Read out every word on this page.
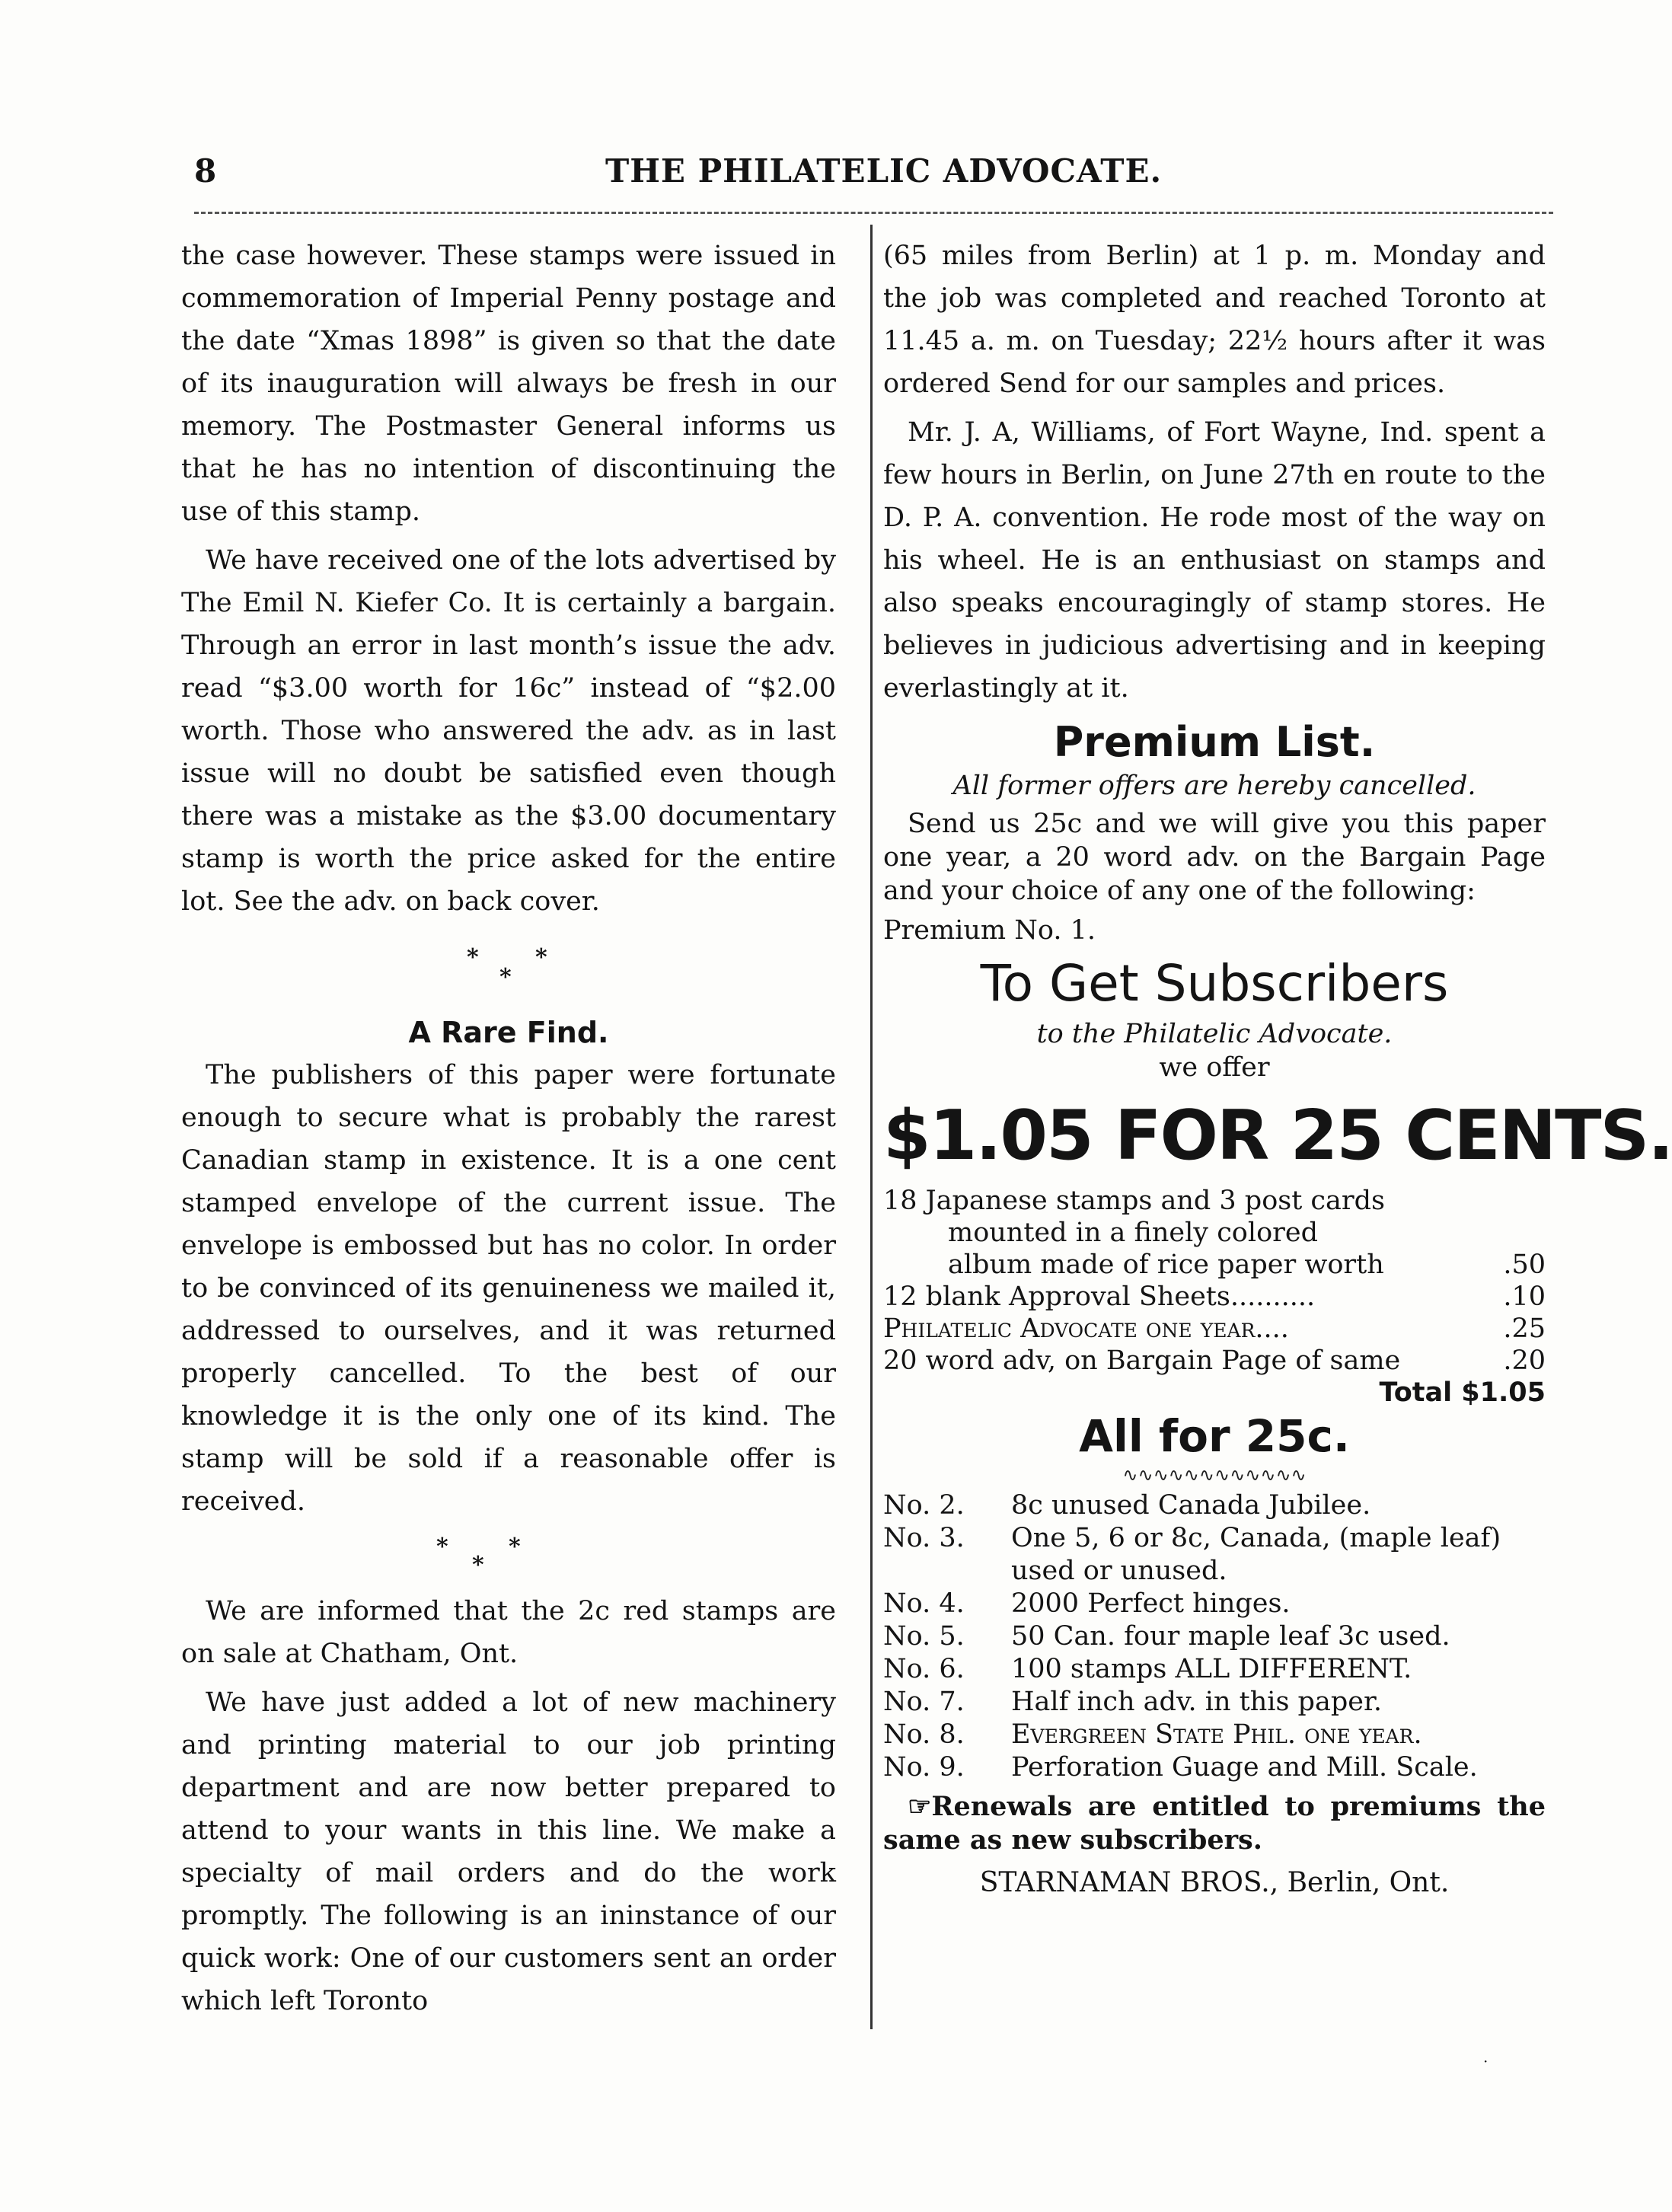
8	THE PHILATELIC ADVOCATE.

the case however. These stamps were issued in commemoration of Imperial Penny postage and the date “Xmas 1898” is given so that the date of its inauguration will always be fresh in our memory. The Postmaster General informs us that he has no intention of discontinuing the use of this stamp.

We have received one of the lots advertised by The Emil N. Kiefer Co. It is certainly a bargain. Through an error in last month’s issue the adv. read “$3.00 worth for 16c” instead of “$2.00 worth. Those who answered the adv. as in last issue will no doubt be satisfied even though there was a mistake as the $3.00 documentary stamp is worth the price asked for the entire lot. See the adv. on back cover.

*
*
*
A Rare Find.

The publishers of this paper were fortunate enough to secure what is probably the rarest Canadian stamp in existence. It is a one cent stamped envelope of the current issue. The envelope is embossed but has no color. In order to be convinced of its genuineness we mailed it, addressed to ourselves, and it was returned properly cancelled. To the best of our knowledge it is the only one of its kind. The stamp will be sold if a reasonable offer is received.

*
*
*

We are informed that the 2c red stamps are on sale at Chatham, Ont.

We have just added a lot of new machinery and printing material to our job printing department and are now better prepared to attend to your wants in this line. We make a specialty of mail orders and do the work promptly. The following is an ininstance of our quick work: One of our customers sent an order which left Toronto

(65 miles from Berlin) at 1 p. m. Monday and the job was completed and reached Toronto at 11.45 a. m. on Tuesday; 22½ hours after it was ordered Send for our samples and prices.

Mr. J. A, Williams, of Fort Wayne, Ind. spent a few hours in Berlin, on June 27th en route to the D. P. A. convention. He rode most of the way on his wheel. He is an enthusiast on stamps and also speaks encouragingly of stamp stores. He believes in judicious advertising and in keeping everlastingly at it.

Premium List.
All former offers are hereby cancelled.

Send us 25c and we will give you this paper one year, a 20 word adv. on the Bargain Page and your choice of any one of the following:

Premium No. 1.
To Get Subscribers
to the Philatelic Advocate.
we offer
$1.05 FOR 25 CENTS.
18 Japanese stamps and 3 post cards
mounted in a finely colored
album made of rice paper worth	.50
12 blank Approval Sheets..........	.10
Philatelic Advocate one year....	.25
20 word adv, on Bargain Page of same	.20
Total $1.05
All for 25c.
∿∿∿∿∿∿∿∿∿∿∿∿
No. 2.	8c unused Canada Jubilee.
No. 3.	One 5, 6 or 8c, Canada, (maple leaf) used or unused.
No. 4.	2000 Perfect hinges.
No. 5.	50 Can. four maple leaf 3c used.
No. 6.	100 stamps ALL DIFFERENT.
No. 7.	Half inch adv. in this paper.
No. 8.	Evergreen State Phil. one year.
No. 9.	Perforation Guage and Mill. Scale.

☞Renewals are entitled to premiums the same as new subscribers.

STARNAMAN BROS., Berlin, Ont.
·
